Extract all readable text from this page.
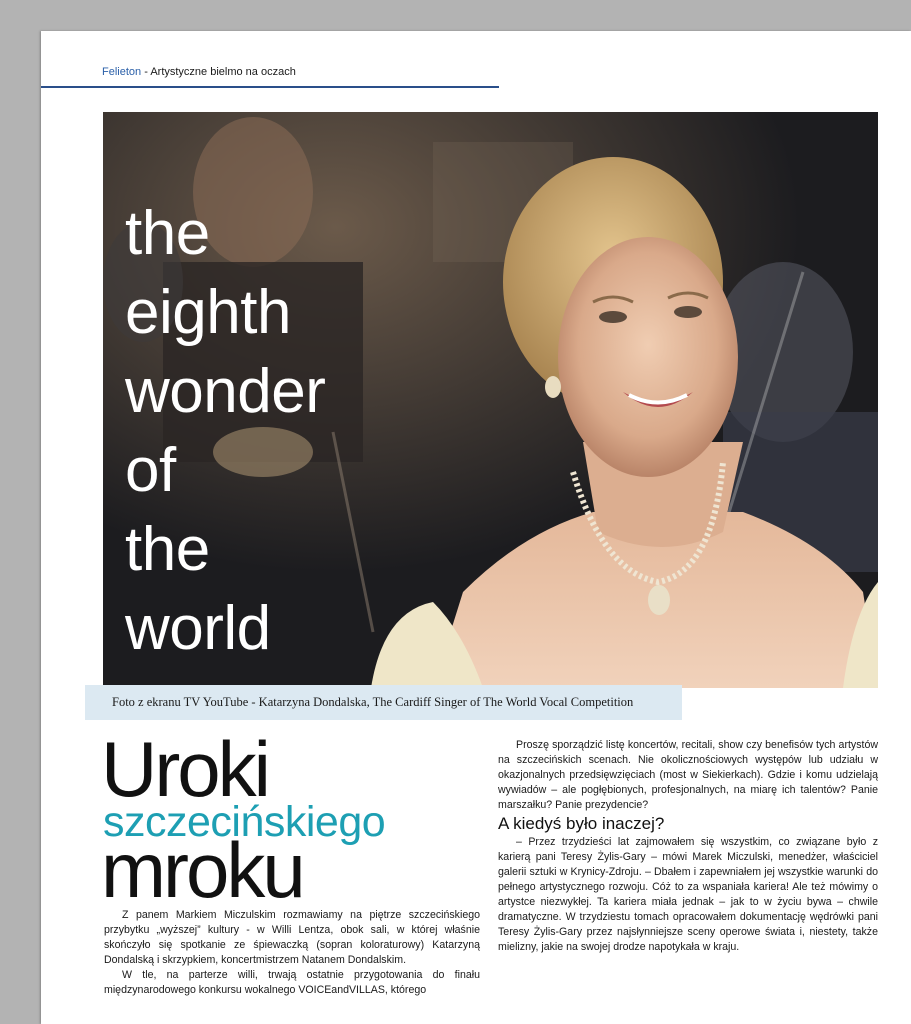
Felieton - Artystyczne bielmo na oczach
the
eighth
wonder
of
the
world
Foto z ekranu TV YouTube - Katarzyna Dondalska, The Cardiff Singer of The World Vocal Competition
Uroki
szczecińskiego
mroku

Z panem Markiem Miczulskim rozmawiamy na piętrze szczecińskiego przybytku „wyższej” kultury - w Willi Lentza, obok sali, w której właśnie skończyło się spotkanie ze śpiewaczką (sopran koloraturowy) Katarzyną Dondalską i skrzypkiem, koncertmistrzem Natanem Dondalskim.

W tle, na parterze willi, trwają ostatnie przygotowania do finału międzynarodowego konkursu wokalnego VOICEandVILLAS, którego

Proszę sporządzić listę koncertów, recitali, show czy benefisów tych artystów na szczecińskich scenach. Nie okolicznościowych występów lub udziału w okazjonalnych przedsięwzięciach (most w Siekierkach). Gdzie i komu udzielają wywiadów – ale pogłębionych, profesjonalnych, na miarę ich talentów? Panie marszałku? Panie prezydencie?

A kiedyś było inaczej?

– Przez trzydzieści lat zajmowałem się wszystkim, co związane było z karierą pani Teresy Żylis-Gary – mówi Marek Miczulski, menedżer, właściciel galerii sztuki w Krynicy-Zdroju. – Dbałem i zapewniałem jej wszystkie warunki do pełnego artystycznego rozwoju. Cóż to za wspaniała kariera! Ale też mówimy o artystce niezwykłej. Ta kariera miała jednak – jak to w życiu bywa – chwile dramatyczne. W trzydziestu tomach opracowałem dokumentację wędrówki pani Teresy Żylis-Gary przez najsłynniejsze sceny operowe świata i, niestety, także mielizny, jakie na swojej drodze napotykała w kraju.
